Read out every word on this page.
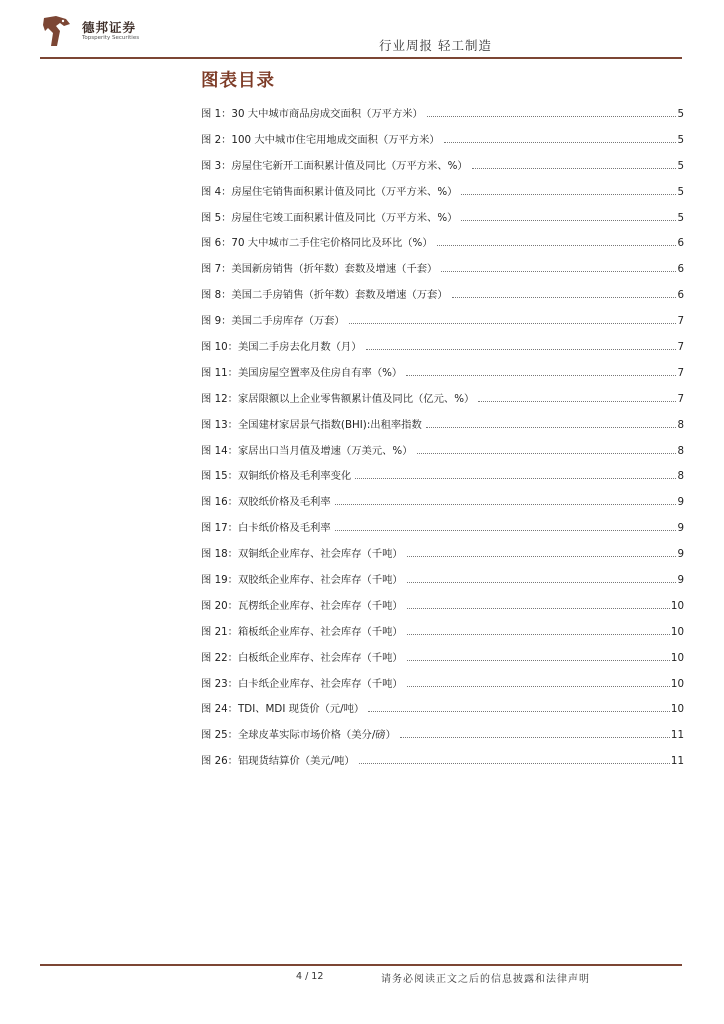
德邦证券
Topsperity Securities	行业周报 轻工制造
图表目录
图 1：30 大中城市商品房成交面积（万平方米）	5
图 2：100 大中城市住宅用地成交面积（万平方米）	5
图 3：房屋住宅新开工面积累计值及同比（万平方米、%）	5
图 4：房屋住宅销售面积累计值及同比（万平方米、%）	5
图 5：房屋住宅竣工面积累计值及同比（万平方米、%）	5
图 6：70 大中城市二手住宅价格同比及环比（%）	6
图 7：美国新房销售（折年数）套数及增速（千套）	6
图 8：美国二手房销售（折年数）套数及增速（万套）	6
图 9：美国二手房库存（万套）	7
图 10：美国二手房去化月数（月）	7
图 11：美国房屋空置率及住房自有率（%）	7
图 12：家居限额以上企业零售额累计值及同比（亿元、%）	7
图 13：全国建材家居景气指数(BHI):出租率指数	8
图 14：家居出口当月值及增速（万美元、%）	8
图 15：双铜纸价格及毛利率变化	8
图 16：双胶纸价格及毛利率	9
图 17：白卡纸价格及毛利率	9
图 18：双铜纸企业库存、社会库存（千吨）	9
图 19：双胶纸企业库存、社会库存（千吨）	9
图 20：瓦楞纸企业库存、社会库存（千吨）	10
图 21：箱板纸企业库存、社会库存（千吨）	10
图 22：白板纸企业库存、社会库存（千吨）	10
图 23：白卡纸企业库存、社会库存（千吨）	10
图 24：TDI、MDI 现货价（元/吨）	10
图 25：全球皮革实际市场价格（美分/磅）	11
图 26：铝现货结算价（美元/吨）	11
4 / 12	请务必阅读正文之后的信息披露和法律声明
